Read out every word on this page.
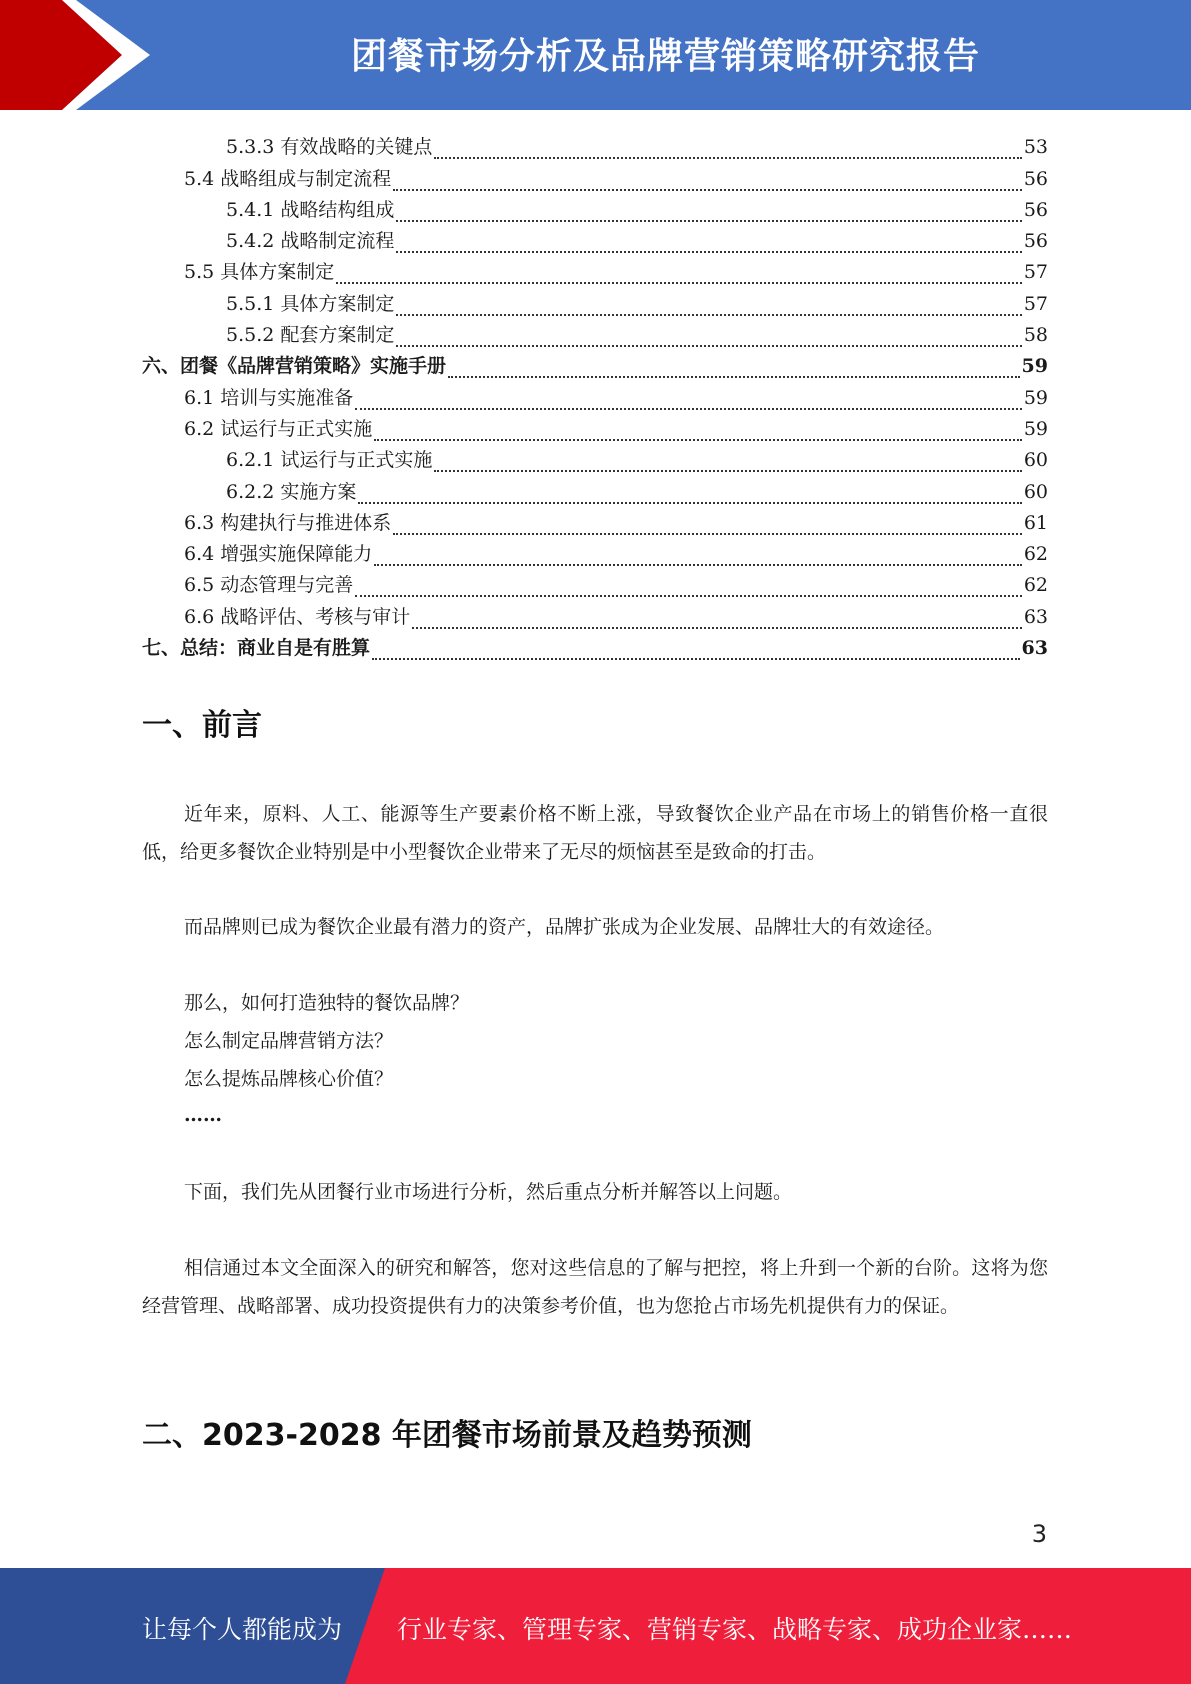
团餐市场分析及品牌营销策略研究报告
5.3.3 有效战略的关键点	53
5.4 战略组成与制定流程	56
5.4.1 战略结构组成	56
5.4.2 战略制定流程	56
5.5 具体方案制定	57
5.5.1 具体方案制定	57
5.5.2 配套方案制定	58
六、团餐《品牌营销策略》实施手册	59
6.1 培训与实施准备	59
6.2 试运行与正式实施	59
6.2.1 试运行与正式实施	60
6.2.2 实施方案	60
6.3 构建执行与推进体系	61
6.4 增强实施保障能力	62
6.5 动态管理与完善	62
6.6 战略评估、考核与审计	63
七、总结：商业自是有胜算	63
一、前言
近年来，原料、人工、能源等生产要素价格不断上涨，导致餐饮企业产品在市场上的销售价格一直很低，给更多餐饮企业特别是中小型餐饮企业带来了无尽的烦恼甚至是致命的打击。
而品牌则已成为餐饮企业最有潜力的资产，品牌扩张成为企业发展、品牌壮大的有效途径。
那么，如何打造独特的餐饮品牌？
怎么制定品牌营销方法？
怎么提炼品牌核心价值？
……
下面，我们先从团餐行业市场进行分析，然后重点分析并解答以上问题。
相信通过本文全面深入的研究和解答，您对这些信息的了解与把控，将上升到一个新的台阶。这将为您经营管理、战略部署、成功投资提供有力的决策参考价值，也为您抢占市场先机提供有力的保证。
二、2023-2028 年团餐市场前景及趋势预测
3
让每个人都能成为 行业专家、管理专家、营销专家、战略专家、成功企业家……
